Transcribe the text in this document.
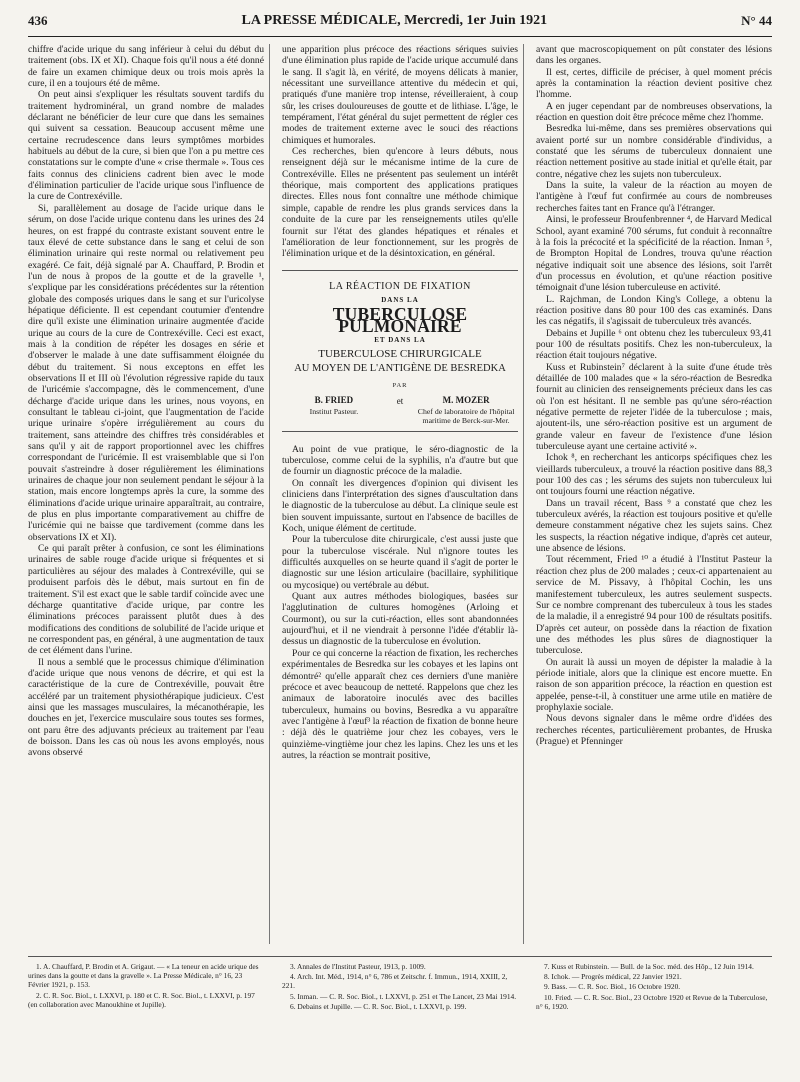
436	LA PRESSE MÉDICALE, Mercredi, 1er Juin 1921	N° 44

chiffre d'acide urique du sang inférieur à celui du début du traitement (obs. IX et XI). Chaque fois qu'il nous a été donné de faire un examen chimique deux ou trois mois après la cure, il en a toujours été de même.

On peut ainsi s'expliquer les résultats souvent tardifs du traitement hydrominéral, un grand nombre de malades déclarant ne bénéficier de leur cure que dans les semaines qui suivent sa cessation. Beaucoup accusent même une certaine recrudescence dans leurs symptômes morbides habituels au début de la cure, si bien que l'on a pu mettre ces constatations sur le compte d'une « crise thermale ». Tous ces faits connus des cliniciens cadrent bien avec le mode d'élimination particulier de l'acide urique sous l'influence de la cure de Contrexéville.

Si, parallèlement au dosage de l'acide urique dans le sérum, on dose l'acide urique contenu dans les urines des 24 heures, on est frappé du contraste existant souvent entre le taux élevé de cette substance dans le sang et celui de son élimination urinaire qui reste normal ou relativement peu exagéré. Ce fait, déjà signalé par A. Chauffard, P. Brodin et l'un de nous à propos de la goutte et de la gravelle ¹, s'explique par les considérations précédentes sur la rétention globale des composés uriques dans le sang et sur l'uricolyse hépatique déficiente. Il est cependant coutumier d'entendre dire qu'il existe une élimination urinaire augmentée d'acide urique au cours de la cure de Contrexéville. Ceci est exact, mais à la condition de répéter les dosages en série et d'observer le malade à une date suffisamment éloignée du début du traitement. Si nous exceptons en effet les observations II et III où l'évolution régressive rapide du taux de l'uricémie s'accompagne, dès le commencement, d'une décharge d'acide urique dans les urines, nous voyons, en consultant le tableau ci-joint, que l'augmentation de l'acide urique urinaire s'opère irrégulièrement au cours du traitement, sans atteindre des chiffres très considérables et sans qu'il y ait de rapport proportionnel avec les chiffres correspondant de l'uricémie. Il est vraisemblable que si l'on pouvait s'astreindre à doser régulièrement les éliminations urinaires de chaque jour non seulement pendant le séjour à la station, mais encore longtemps après la cure, la somme des éliminations d'acide urique urinaire apparaîtrait, au contraire, de plus en plus importante comparativement au chiffre de l'uricémie qui ne baisse que tardivement (comme dans les observations IX et XI).

Ce qui paraît prêter à confusion, ce sont les éliminations urinaires de sable rouge d'acide urique si fréquentes et si particulières au séjour des malades à Contrexéville, qui se produisent parfois dès le début, mais surtout en fin de traitement. S'il est exact que le sable tardif coïncide avec une décharge quantitative d'acide urique, par contre les éliminations précoces paraissent plutôt dues à des modifications des conditions de solubilité de l'acide urique et ne correspondent pas, en général, à une augmentation de taux de cet élément dans l'urine.

Il nous a semblé que le processus chimique d'élimination d'acide urique que nous venons de décrire, et qui est la caractéristique de la cure de Contrexéville, pouvait être accéléré par un traitement physiothérapique judicieux. C'est ainsi que les massages musculaires, la mécanothérapie, les douches en jet, l'exercice musculaire sous toutes ses formes, ont paru être des adjuvants précieux au traitement par l'eau de boisson. Dans les cas où nous les avons employés, nous avons observé

une apparition plus précoce des réactions sériques suivies d'une élimination plus rapide de l'acide urique accumulé dans le sang. Il s'agit là, en vérité, de moyens délicats à manier, nécessitant une surveillance attentive du médecin et qui, pratiqués d'une manière trop intense, réveilleraient, à coup sûr, les crises douloureuses de goutte et de lithiase. L'âge, le tempérament, l'état général du sujet permettent de régler ces modes de traitement externe avec le souci des réactions chimiques et humorales.

Ces recherches, bien qu'encore à leurs débuts, nous renseignent déjà sur le mécanisme intime de la cure de Contrexéville. Elles ne présentent pas seulement un intérêt théorique, mais comportent des applications pratiques directes. Elles nous font connaître une méthode chimique simple, capable de rendre les plus grands services dans la conduite de la cure par les renseignements utiles qu'elle fournit sur l'état des glandes hépatiques et rénales et l'amélioration de leur fonctionnement, sur les progrès de l'élimination urique et de la désintoxication, en général.

LA RÉACTION DE FIXATION
DANS LA
TUBERCULOSE PULMONAIRE
ET DANS LA
TUBERCULOSE CHIRURGICALE
AU MOYEN DE L'ANTIGÈNE DE BESREDKA
PAR
B. FRIED
Institut Pasteur.
et	M. MOZER
Chef de laboratoire de l'hôpital maritime de Berck-sur-Mer.

Au point de vue pratique, le séro-diagnostic de la tuberculose, comme celui de la syphilis, n'a d'autre but que de fournir un diagnostic précoce de la maladie.

On connaît les divergences d'opinion qui divisent les cliniciens dans l'interprétation des signes d'auscultation dans le diagnostic de la tuberculose au début. La clinique seule est bien souvent impuissante, surtout en l'absence de bacilles de Koch, unique élément de certitude.

Pour la tuberculose dite chirurgicale, c'est aussi juste que pour la tuberculose viscérale. Nul n'ignore toutes les difficultés auxquelles on se heurte quand il s'agit de porter le diagnostic sur une lésion articulaire (bacillaire, syphilitique ou mycosique) ou vertébrale au début.

Quant aux autres méthodes biologiques, basées sur l'agglutination de cultures homogènes (Arloing et Courmont), ou sur la cuti-réaction, elles sont abandonnées aujourd'hui, et il ne viendrait à personne l'idée d'établir là-dessus un diagnostic de la tuberculose en évolution.

Pour ce qui concerne la réaction de fixation, les recherches expérimentales de Besredka sur les cobayes et les lapins ont démontré² qu'elle apparaît chez ces derniers d'une manière précoce et avec beaucoup de netteté. Rappelons que chez les animaux de laboratoire inoculés avec des bacilles tuberculeux, humains ou bovins, Besredka a vu apparaître avec l'antigène à l'œuf³ la réaction de fixation de bonne heure : déjà dès le quatrième jour chez les cobayes, vers le quinzième-vingtième jour chez les lapins. Chez les uns et les autres, la réaction se montrait positive,

avant que macroscopiquement on pût constater des lésions dans les organes.

Il est, certes, difficile de préciser, à quel moment précis après la contamination la réaction devient positive chez l'homme.

A en juger cependant par de nombreuses observations, la réaction en question doit être précoce même chez l'homme.

Besredka lui-même, dans ses premières observations qui avaient porté sur un nombre considérable d'individus, a constaté que les sérums de tuberculeux donnaient une réaction nettement positive au stade initial et qu'elle était, par contre, négative chez les sujets non tuberculeux.

Dans la suite, la valeur de la réaction au moyen de l'antigène à l'œuf fut confirmée au cours de nombreuses recherches faites tant en France qu'à l'étranger.

Ainsi, le professeur Broufenbrenner ⁴, de Harvard Medical School, ayant examiné 700 sérums, fut conduit à reconnaître à la fois la précocité et la spécificité de la réaction. Inman ⁵, de Brompton Hopital de Londres, trouva qu'une réaction négative indiquait soit une absence des lésions, soit l'arrêt d'un processus en évolution, et qu'une réaction positive témoignait d'une lésion tuberculeuse en activité.

L. Rajchman, de London King's College, a obtenu la réaction positive dans 80 pour 100 des cas examinés. Dans les cas négatifs, il s'agissait de tuberculeux très avancés.

Debains et Jupille ⁶ ont obtenu chez les tuberculeux 93,41 pour 100 de résultats positifs. Chez les non-tuberculeux, la réaction était toujours négative.

Kuss et Rubinstein⁷ déclarent à la suite d'une étude très détaillée de 100 malades que « la séro-réaction de Besredka fournit au clinicien des renseignements précieux dans les cas où l'on est hésitant. Il ne semble pas qu'une séro-réaction négative permette de rejeter l'idée de la tuberculose ; mais, ajoutent-ils, une séro-réaction positive est un argument de grande valeur en faveur de l'existence d'une lésion tuberculeuse ayant une certaine activité ».

Ichok ⁸, en recherchant les anticorps spécifiques chez les vieillards tuberculeux, a trouvé la réaction positive dans 88,3 pour 100 des cas ; les sérums des sujets non tuberculeux lui ont toujours fourni une réaction négative.

Dans un travail récent, Bass ⁹ a constaté que chez les tuberculeux avérés, la réaction est toujours positive et qu'elle demeure constamment négative chez les sujets sains. Chez les suspects, la réaction négative indique, d'après cet auteur, une absence de lésions.

Tout récemment, Fried ¹⁰ a étudié à l'Institut Pasteur la réaction chez plus de 200 malades ; ceux-ci appartenaient au service de M. Pissavy, à l'hôpital Cochin, les uns manifestement tuberculeux, les autres seulement suspects. Sur ce nombre comprenant des tuberculeux à tous les stades de la maladie, il a enregistré 94 pour 100 de résultats positifs. D'après cet auteur, on possède dans la réaction de fixation une des méthodes les plus sûres de diagnostiquer la tuberculose.

On aurait là aussi un moyen de dépister la maladie à la période initiale, alors que la clinique est encore muette. En raison de son apparition précoce, la réaction en question est appelée, pense-t-il, à constituer une arme utile en matière de prophylaxie sociale.

Nous devons signaler dans le même ordre d'idées des recherches récentes, particulièrement probantes, de Hruska (Prague) et Pfenninger

1. A. Chauffard, P. Brodin et A. Grigaut. — « La teneur en acide urique des urines dans la goutte et dans la gravelle ». La Presse Médicale, n° 16, 23 Février 1921, p. 153.
2. C. R. Soc. Biol., t. LXXVI, p. 180 et C. R. Soc. Biol., t. LXXVI, p. 197 (en collaboration avec Manoukhine et Jupille).
3. Annales de l'Institut Pasteur, 1913, p. 1009.
4. Arch. Int. Méd., 1914, n° 6, 786 et Zeitschr. f. Immun., 1914, XXIII, 2, 221.
5. Inman. — C. R. Soc. Biol., t. LXXVI, p. 251 et The Lancet, 23 Mai 1914.
6. Debains et Jupille. — C. R. Soc. Biol., t. LXXVI, p. 199.
7. Kuss et Rubinstein. — Bull. de la Soc. méd. des Hôp., 12 Juin 1914.
8. Ichok. — Progrès médical, 22 Janvier 1921.
9. Bass. — C. R. Soc. Biol., 16 Octobre 1920.
10. Fried. — C. R. Soc. Biol., 23 Octobre 1920 et Revue de la Tuberculose, n° 6, 1920.
